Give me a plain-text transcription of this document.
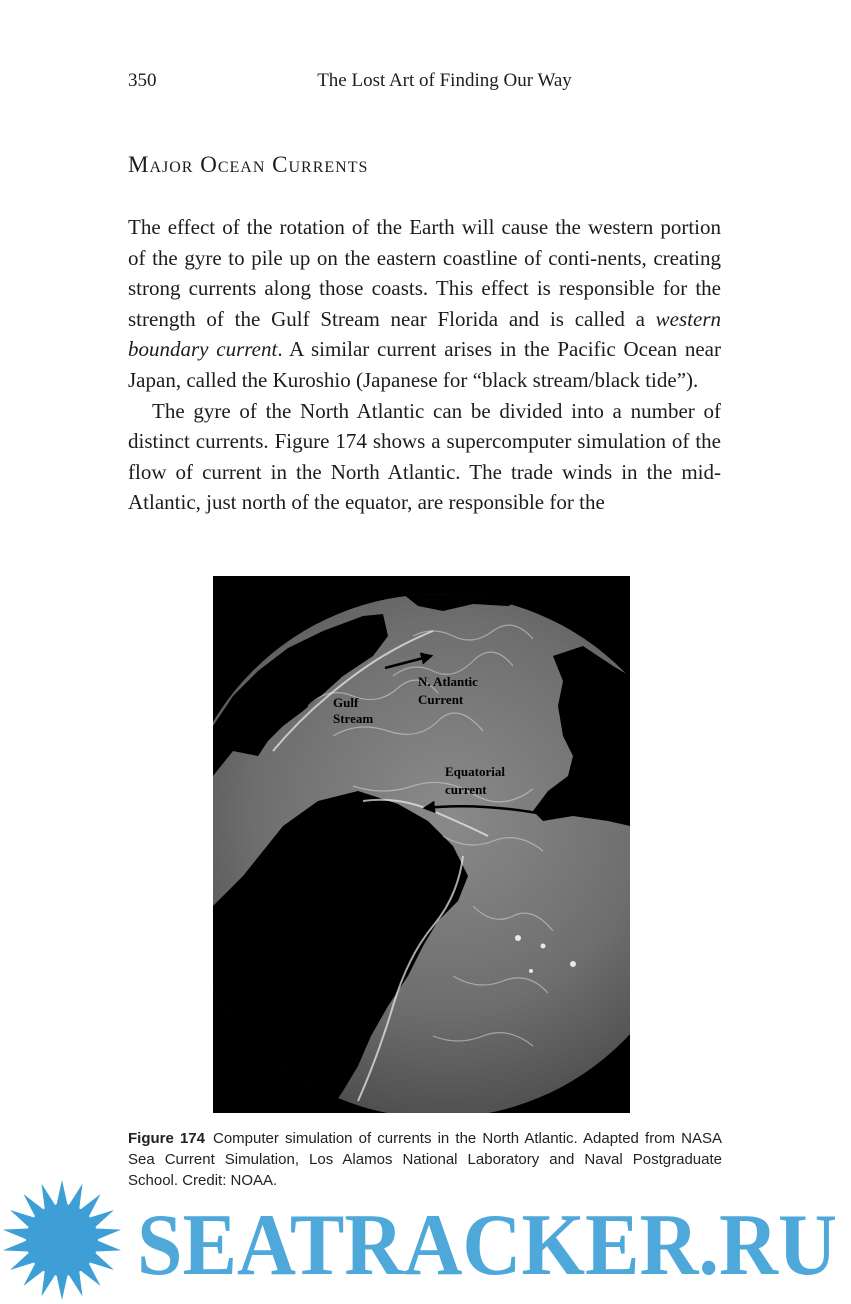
350	The Lost Art of Finding Our Way
Major Ocean Currents

The effect of the rotation of the Earth will cause the western portion of the gyre to pile up on the eastern coastline of conti-nents, creating strong currents along those coasts. This effect is responsible for the strength of the Gulf Stream near Florida and is called a western boundary current. A similar current arises in the Pacific Ocean near Japan, called the Kuroshio (Japanese for “black stream/black tide”).

The gyre of the North Atlantic can be divided into a number of distinct currents. Figure 174 shows a supercomputer simulation of the flow of current in the North Atlantic. The trade winds in the mid-Atlantic, just north of the equator, are responsible for the

Gulf
Stream
N. Atlantic
Current
Equatorial
current
Figure 174 Computer simulation of currents in the North Atlantic. Adapted from NASA Sea Current Simulation, Los Alamos National Laboratory and Naval Postgraduate School. Credit: NOAA.
SEATRACKER.RU
